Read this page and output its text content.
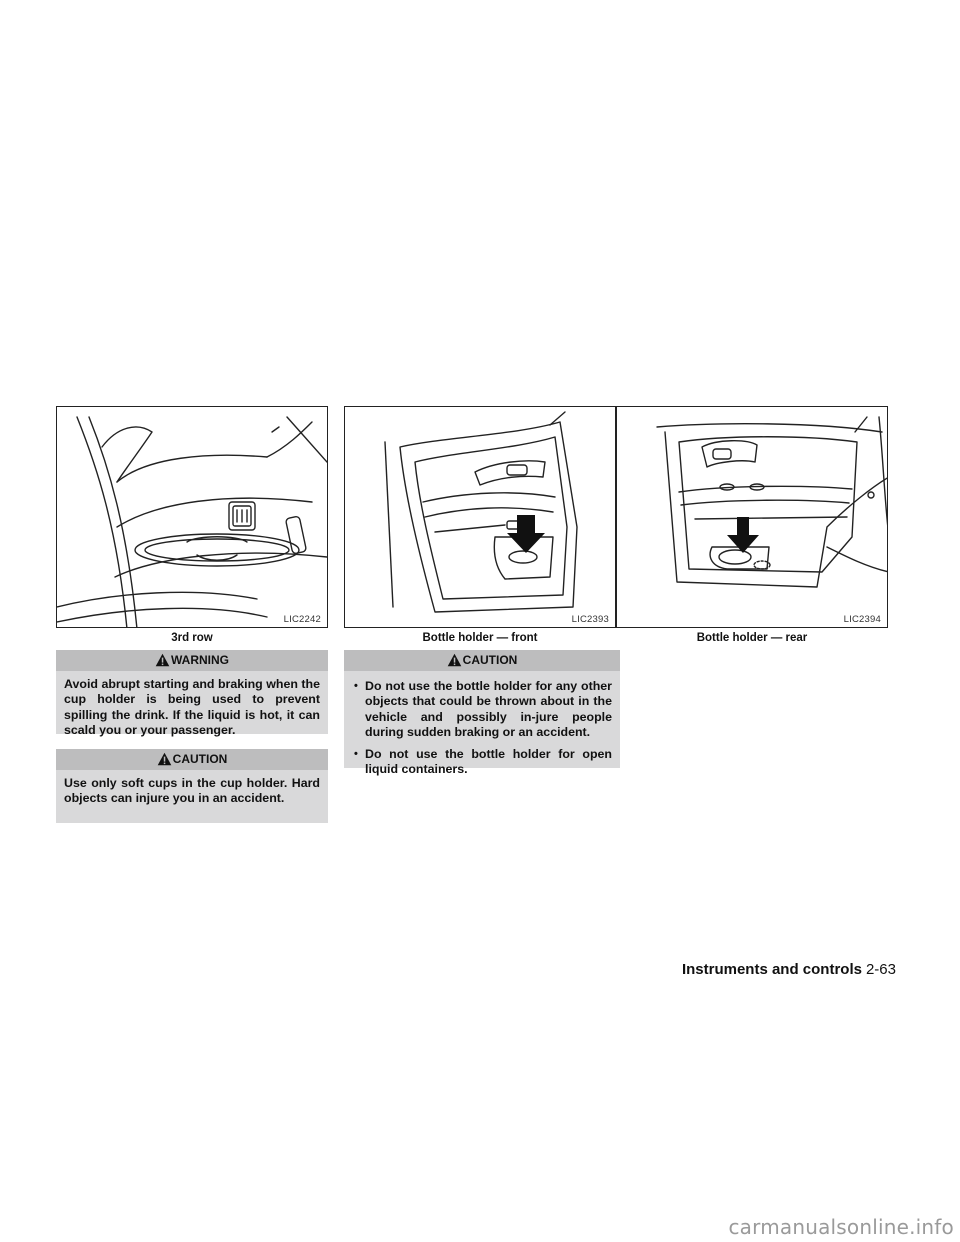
LIC2242	LIC2393	LIC2394
3rd row	Bottle holder — front	Bottle holder — rear
WARNING

Avoid abrupt starting and braking when the cup holder is being used to prevent spilling the drink. If the liquid is hot, it can scald you or your passenger.

CAUTION

Use only soft cups in the cup holder. Hard objects can injure you in an accident.

CAUTION
• Do not use the bottle holder for any other objects that could be thrown about in the vehicle and possibly in-jure people during sudden braking or an accident.
• Do not use the bottle holder for open liquid containers.
Instruments and controls 2-63
carmanualsonline.info
